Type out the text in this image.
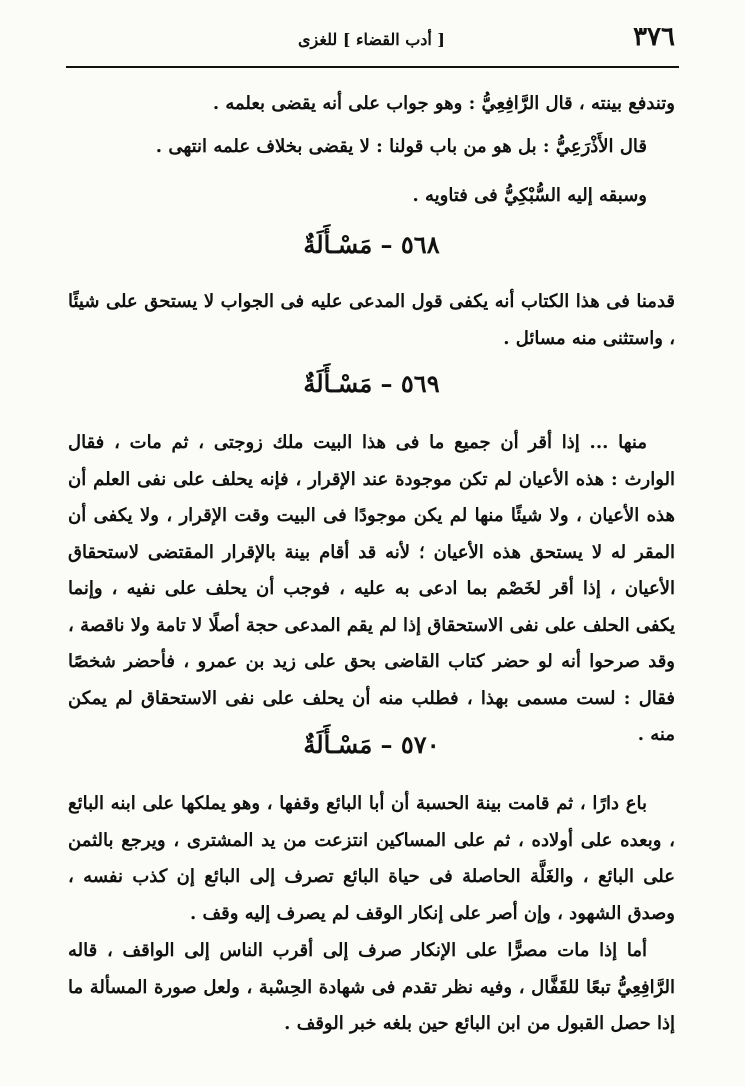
٣٧٦
[ أدب القضاء ] للغزى

وتندفع بينته ، قال الرَّافِعِيُّ : وهو جواب على أنه يقضى بعلمه .

قال الأَذْرَعِيُّ : بل هو من باب قولنا : لا يقضى بخلاف علمه انتهى .

وسبقه إليه السُّبْكِيُّ فى فتاويه .

٥٦٨ – مَسْـأَلَةٌ

قدمنا فى هذا الكتاب أنه يكفى قول المدعى عليه فى الجواب لا يستحق على شيئًا ، واستثنى منه مسائل .

٥٦٩ – مَسْـأَلَةٌ

منها ... إذا أقر أن جميع ما فى هذا البيت ملك زوجتى ، ثم مات ، فقال الوارث : هذه الأعيان لم تكن موجودة عند الإقرار ، فإنه يحلف على نفى العلم أن هذه الأعيان ، ولا شيئًا منها لم يكن موجودًا فى البيت وقت الإقرار ، ولا يكفى أن المقر له لا يستحق هذه الأعيان ؛ لأنه قد أقام بينة بالإقرار المقتضى لاستحقاق الأعيان ، إذا أقر لخَصْم بما ادعى به عليه ، فوجب أن يحلف على نفيه ، وإنما يكفى الحلف على نفى الاستحقاق إذا لم يقم المدعى حجة أصلًا لا تامة ولا ناقصة ، وقد صرحوا أنه لو حضر كتاب القاضى بحق على زيد بن عمرو ، فأحضر شخصًا فقال : لست مسمى بهذا ، فطلب منه أن يحلف على نفى الاستحقاق لم يمكن منه .

٥٧٠ – مَسْـأَلَةٌ

باع دارًا ، ثم قامت بينة الحسبة أن أبا البائع وقفها ، وهو يملكها على ابنه البائع ، وبعده على أولاده ، ثم على المساكين انتزعت من يد المشترى ، ويرجع بالثمن على البائع ، والغَلَّة الحاصلة فى حياة البائع تصرف إلى البائع إن كذب نفسه ، وصدق الشهود ، وإن أصر على إنكار الوقف لم يصرف إليه وقف .

أما إذا مات مصرًّا على الإنكار صرف إلى أقرب الناس إلى الواقف ، قاله الرَّافِعِيُّ تبعًا للقَفَّال ، وفيه نظر تقدم فى شهادة الحِسْبة ، ولعل صورة المسألة ما إذا حصل القبول من ابن البائع حين بلغه خبر الوقف .
